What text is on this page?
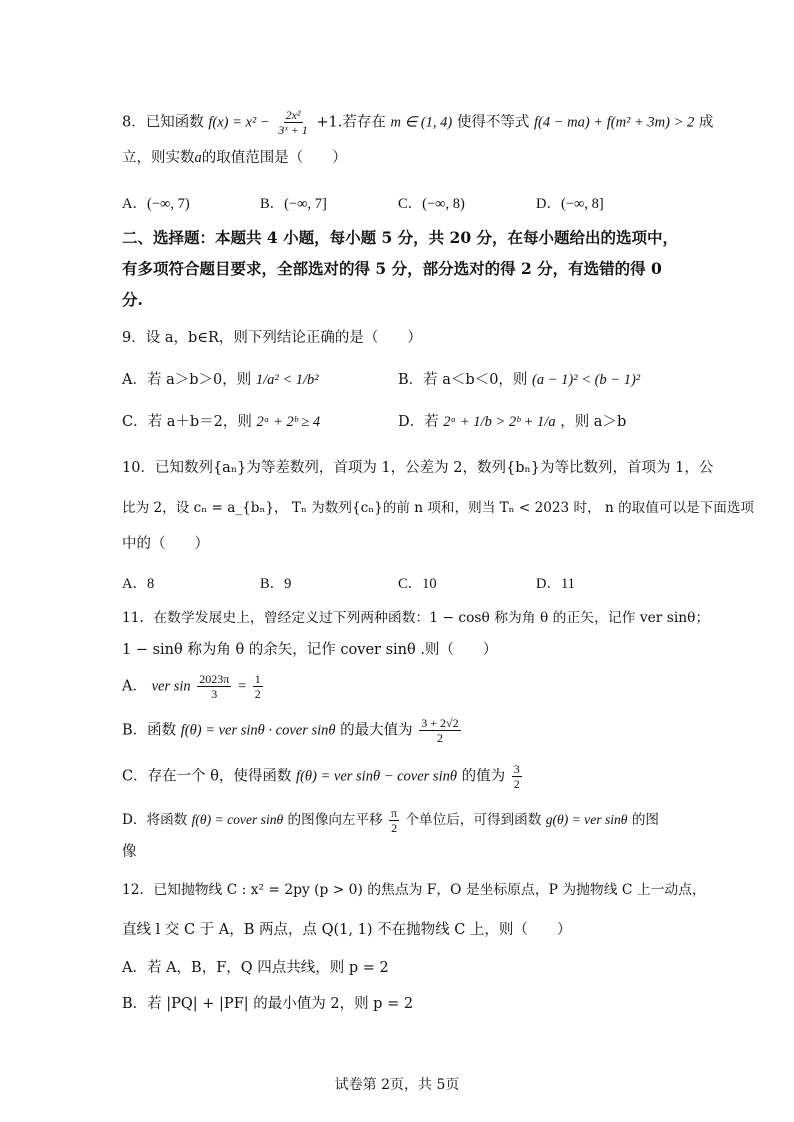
8．已知函数 $f(x) = x^2 - \frac{\text{2x²}}{\text{3ˣ + 1}} +1$.若存在 m ∈ (1, 4) 使得不等式 f(4 − ma) + f(m² + 3m) > 2 成
立，则实数a的取值范围是（　　）
A．(−∞, 7)	B．(−∞, 7]	C．(−∞, 8)	D．(−∞, 8]
二、选择题：本题共 4 小题，每小题 5 分，共 20 分，在每小题给出的选项中，
有多项符合题目要求，全部选对的得 5 分，部分选对的得 2 分，有选错的得 0
分.
9．设 a，b∈R，则下列结论正确的是（　　）
A．若 a＞b＞0，则 1/a² < 1/b²	B．若 a＜b＜0，则 (a − 1)² < (b − 1)²
C．若 a＋b＝2，则 2ᵃ + 2ᵇ ≥ 4	D．若 2ᵃ + 1/b > 2ᵇ + 1/a ，则 a＞b
10．已知数列{aₙ}为等差数列，首项为 1，公差为 2，数列{bₙ}为等比数列，首项为 1，公
比为 2，设 cₙ = a_{bₙ}， Tₙ 为数列{cₙ}的前 n 项和，则当 Tₙ < 2023 时， n 的取值可以是下面选项
中的（　　）
A．8	B．9	C．10	D．11
11．在数学发展史上，曾经定义过下列两种函数：1 − cosθ 称为角 θ 的正矢，记作 ver sinθ；
1 − sinθ 称为角 θ 的余矢，记作 cover sinθ .则（　　）
A． ver $\sin \frac{2023\pi}{3} = \frac{1}{2}$
B．函数 f(θ) = ver sinθ · cover sinθ 的最大值为 $\frac{3 + 2√2}{2}$
C．存在一个 θ，使得函数 f(θ) = ver sinθ − cover sinθ 的值为 $\frac{3}{2}$
D．将函数 f(θ) = cover sinθ 的图像向左平移 $\frac{\pi}{2}$ 个单位后，可得到函数 g(θ) = ver sinθ 的图
像
12．已知抛物线 C : x² = 2py (p > 0) 的焦点为 F，O 是坐标原点，P 为抛物线 C 上一动点，
直线 l 交 C 于 A，B 两点，点 Q(1, 1) 不在抛物线 C 上，则（　　）
A．若 A，B，F，Q 四点共线，则 p = 2
B．若 |PQ| + |PF| 的最小值为 2，则 p = 2
试卷第 2页，共 5页
